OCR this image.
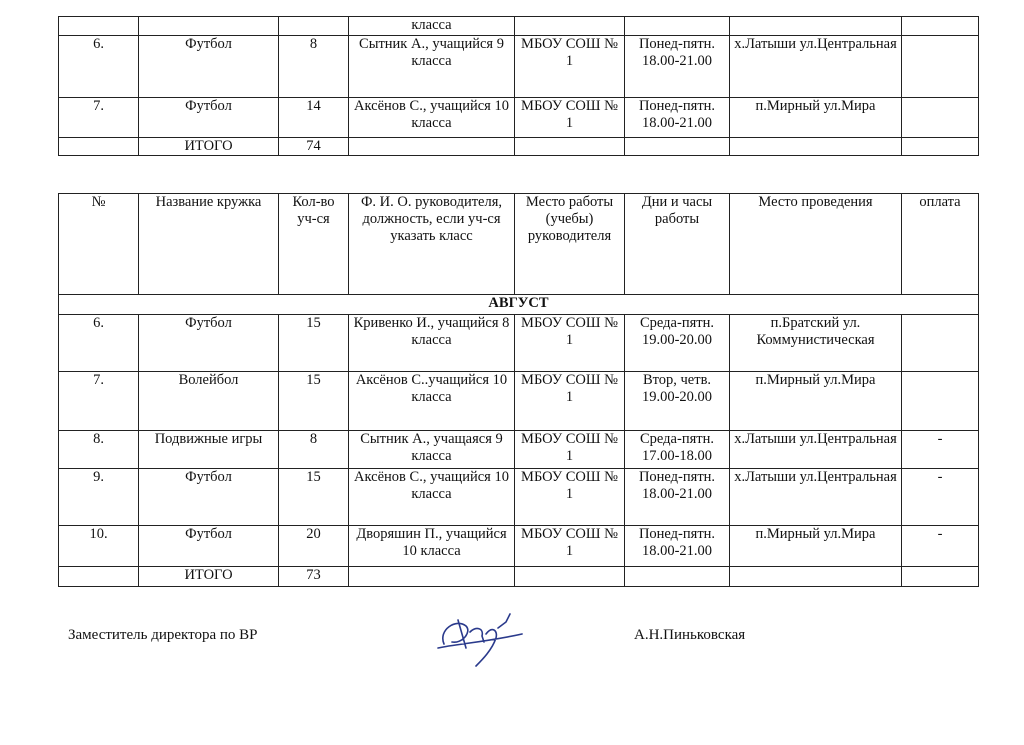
			класса				
6.	Футбол	8	Сытник А., учащийся 9 класса	МБОУ СОШ № 1	Понед-пятн. 18.00-21.00	х.Латыши ул.Центральная	
7.	Футбол	14	Аксёнов С., учащийся 10 класса	МБОУ СОШ № 1	Понед-пятн. 18.00-21.00	п.Мирный ул.Мира	
	ИТОГО	74					
№	Название кружка	Кол-во уч-ся	Ф. И. О. руководителя, должность, если уч-ся указать класс	Место работы (учебы) руководителя	Дни и часы работы	Место проведения	оплата
АВГУСТ							
6.	Футбол	15	Кривенко И., учащийся 8 класса	МБОУ СОШ № 1	Среда-пятн. 19.00-20.00	п.Братский ул. Коммунистическая	
7.	Волейбол	15	Аксёнов С..учащийся 10 класса	МБОУ СОШ № 1	Втор, четв. 19.00-20.00	п.Мирный ул.Мира	
8.	Подвижные игры	8	Сытник А., учащаяся 9 класса	МБОУ СОШ № 1	Среда-пятн. 17.00-18.00	х.Латыши ул.Центральная	-
9.	Футбол	15	Аксёнов С., учащийся 10 класса	МБОУ СОШ № 1	Понед-пятн. 18.00-21.00	х.Латыши ул.Центральная	-
10.	Футбол	20	Дворяшин П., учащийся 10 класса	МБОУ СОШ № 1	Понед-пятн. 18.00-21.00	п.Мирный ул.Мира	-
	ИТОГО	73					
Заместитель директора по ВР	А.Н.Пиньковская
